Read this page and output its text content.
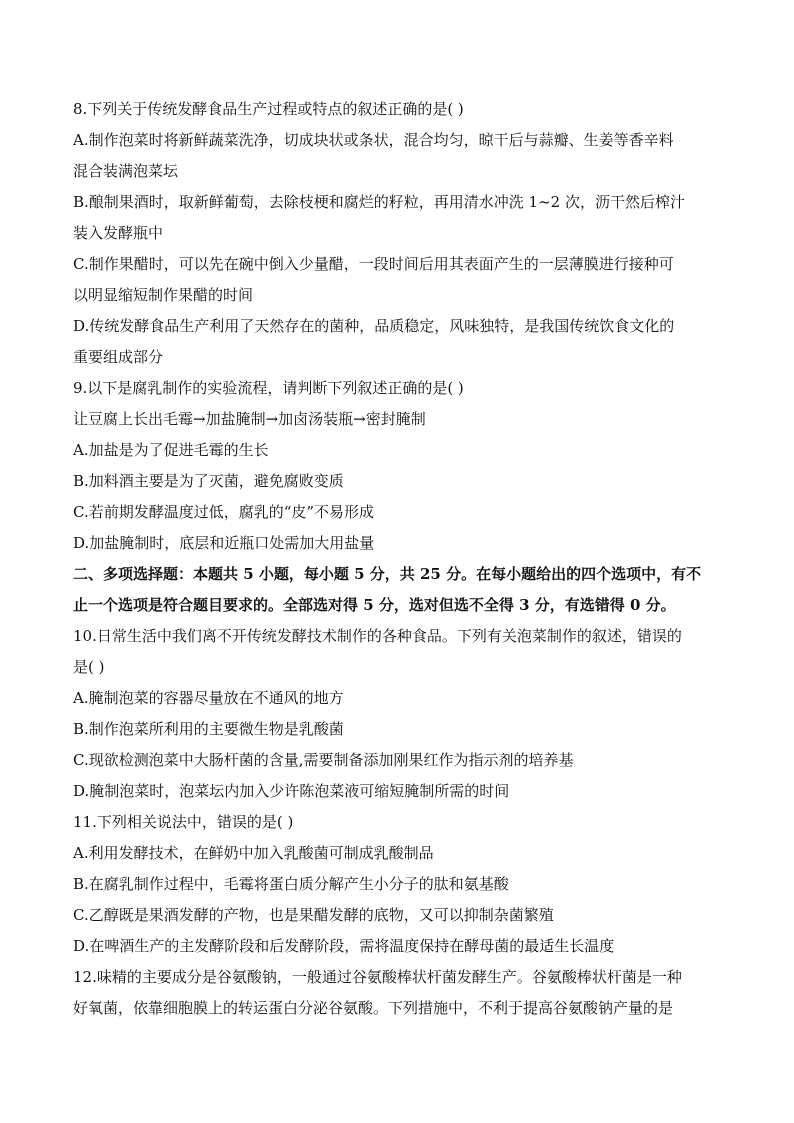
8.下列关于传统发酵食品生产过程或特点的叙述正确的是( )
A.制作泡菜时将新鲜蔬菜洗净，切成块状或条状，混合均匀，晾干后与蒜瓣、生姜等香辛料
混合装满泡菜坛
B.酿制果酒时，取新鲜葡萄，去除枝梗和腐烂的籽粒，再用清水冲洗 1~2 次，沥干然后榨汁
装入发酵瓶中
C.制作果醋时，可以先在碗中倒入少量醋，一段时间后用其表面产生的一层薄膜进行接种可
以明显缩短制作果醋的时间
D.传统发酵食品生产利用了天然存在的菌种，品质稳定，风味独特，是我国传统饮食文化的
重要组成部分
9.以下是腐乳制作的实验流程，请判断下列叙述正确的是( )
让豆腐上长出毛霉→加盐腌制→加卤汤装瓶→密封腌制
A.加盐是为了促进毛霉的生长
B.加料酒主要是为了灭菌，避免腐败变质
C.若前期发酵温度过低，腐乳的“皮”不易形成
D.加盐腌制时，底层和近瓶口处需加大用盐量
二、多项选择题：本题共 5 小题，每小题 5 分，共 25 分。在每小题给出的四个选项中，有不
止一个选项是符合题目要求的。全部选对得 5 分，选对但选不全得 3 分，有选错得 0 分。
10.日常生活中我们离不开传统发酵技术制作的各种食品。下列有关泡菜制作的叙述，错误的
是( )
A.腌制泡菜的容器尽量放在不通风的地方
B.制作泡菜所利用的主要微生物是乳酸菌
C.现欲检测泡菜中大肠杆菌的含量,需要制备添加刚果红作为指示剂的培养基
D.腌制泡菜时，泡菜坛内加入少许陈泡菜液可缩短腌制所需的时间
11.下列相关说法中，错误的是( )
A.利用发酵技术，在鲜奶中加入乳酸菌可制成乳酸制品
B.在腐乳制作过程中，毛霉将蛋白质分解产生小分子的肽和氨基酸
C.乙醇既是果酒发酵的产物，也是果醋发酵的底物，又可以抑制杂菌繁殖
D.在啤酒生产的主发酵阶段和后发酵阶段，需将温度保持在酵母菌的最适生长温度
12.味精的主要成分是谷氨酸钠，一般通过谷氨酸棒状杆菌发酵生产。谷氨酸棒状杆菌是一种
好氧菌，依靠细胞膜上的转运蛋白分泌谷氨酸。下列措施中，不利于提高谷氨酸钠产量的是
